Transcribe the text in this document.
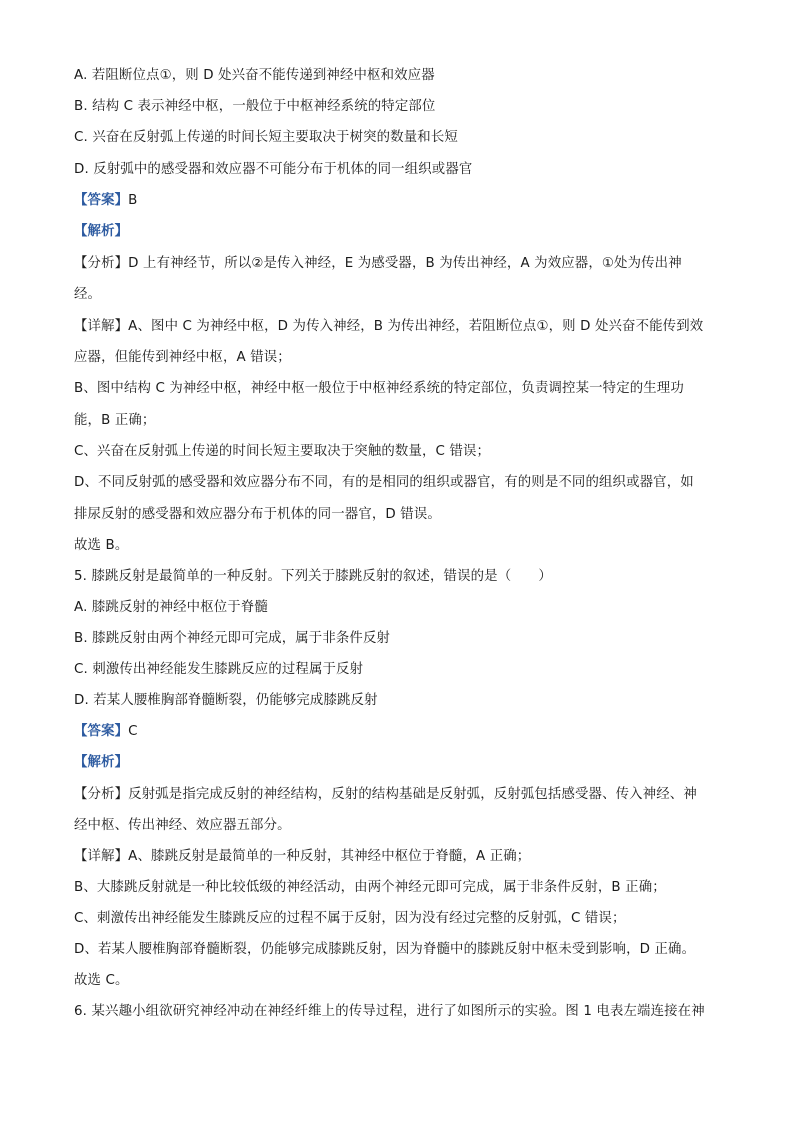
A. 若阻断位点①，则 D 处兴奋不能传递到神经中枢和效应器
B. 结构 C 表示神经中枢，一般位于中枢神经系统的特定部位
C. 兴奋在反射弧上传递的时间长短主要取决于树突的数量和长短
D. 反射弧中的感受器和效应器不可能分布于机体的同一组织或器官
【答案】B
【解析】
【分析】D 上有神经节，所以②是传入神经，E 为感受器，B 为传出神经，A 为效应器，①处为传出神
经。
【详解】A、图中 C 为神经中枢，D 为传入神经，B 为传出神经，若阻断位点①，则 D 处兴奋不能传到效
应器，但能传到神经中枢，A 错误；
B、图中结构 C 为神经中枢，神经中枢一般位于中枢神经系统的特定部位，负责调控某一特定的生理功
能，B 正确；
C、兴奋在反射弧上传递的时间长短主要取决于突触的数量，C 错误；
D、不同反射弧的感受器和效应器分布不同，有的是相同的组织或器官，有的则是不同的组织或器官，如
排尿反射的感受器和效应器分布于机体的同一器官，D 错误。
故选 B。
5. 膝跳反射是最简单的一种反射。下列关于膝跳反射的叙述，错误的是（　　）
A. 膝跳反射的神经中枢位于脊髓
B. 膝跳反射由两个神经元即可完成，属于非条件反射
C. 刺激传出神经能发生膝跳反应的过程属于反射
D. 若某人腰椎胸部脊髓断裂，仍能够完成膝跳反射
【答案】C
【解析】
【分析】反射弧是指完成反射的神经结构，反射的结构基础是反射弧，反射弧包括感受器、传入神经、神
经中枢、传出神经、效应器五部分。
【详解】A、膝跳反射是最简单的一种反射，其神经中枢位于脊髓，A 正确；
B、大膝跳反射就是一种比较低级的神经活动，由两个神经元即可完成，属于非条件反射，B 正确；
C、刺激传出神经能发生膝跳反应的过程不属于反射，因为没有经过完整的反射弧，C 错误；
D、若某人腰椎胸部脊髓断裂，仍能够完成膝跳反射，因为脊髓中的膝跳反射中枢未受到影响，D 正确。
故选 C。
6. 某兴趣小组欲研究神经冲动在神经纤维上的传导过程，进行了如图所示的实验。图 1 电表左端连接在神
